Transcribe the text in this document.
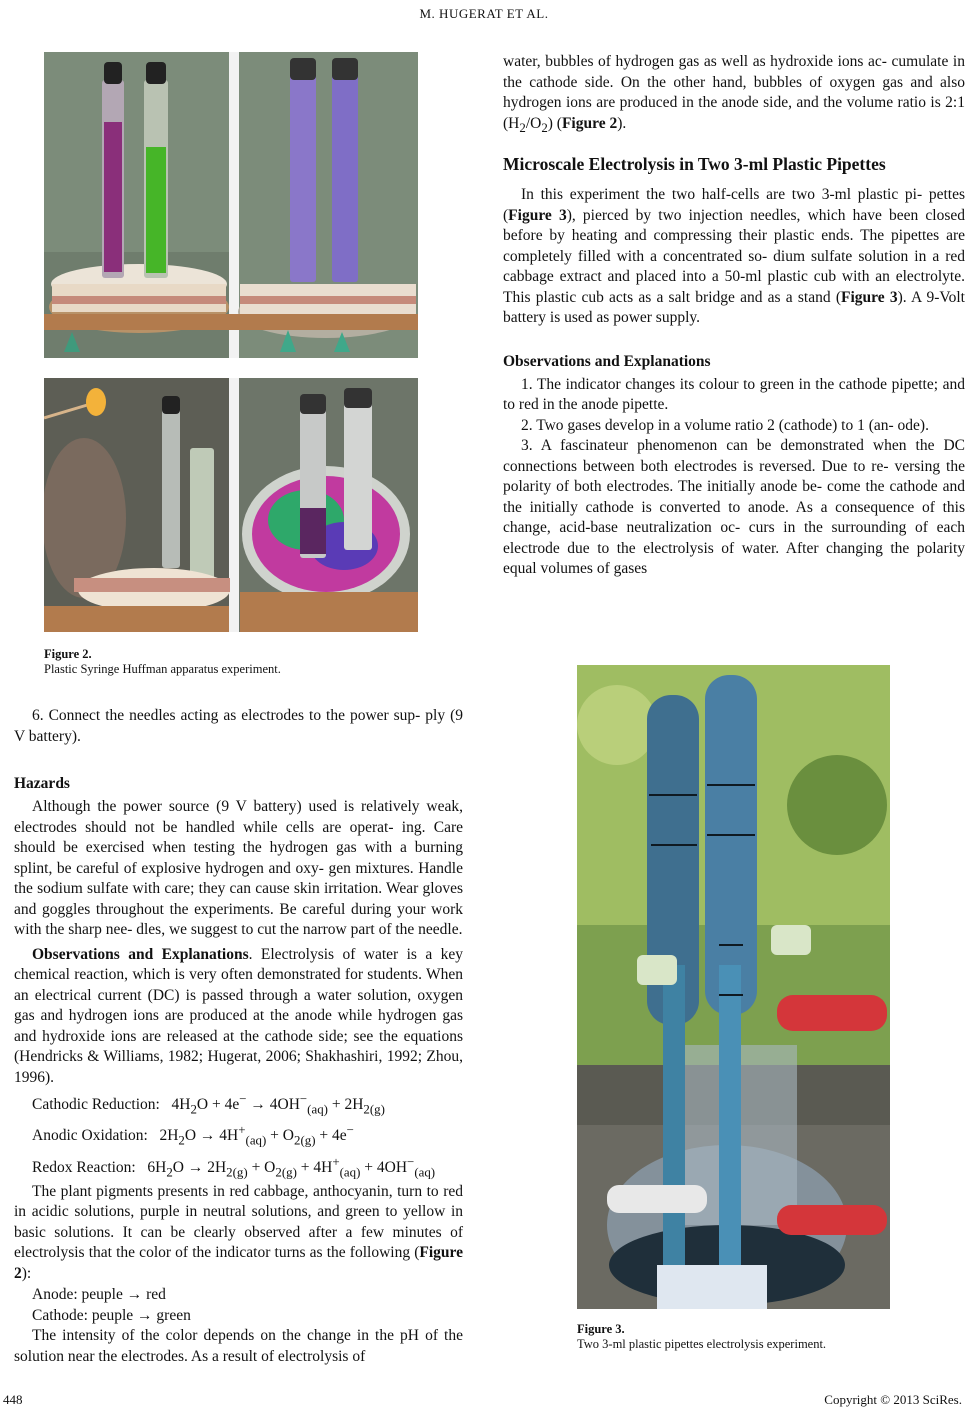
M. HUGERAT ET AL.
Figure 2.
Plastic Syringe Huffman apparatus experiment.

6. Connect the needles acting as electrodes to the power sup- ply (9 V battery).

Hazards

Although the power source (9 V battery) used is relatively weak, electrodes should not be handled while cells are operat- ing. Care should be exercised when testing the hydrogen gas with a burning splint, be careful of explosive hydrogen and oxy- gen mixtures. Handle the sodium sulfate with care; they can cause skin irritation. Wear gloves and goggles throughout the experiments. Be careful during your work with the sharp nee- dles, we suggest to cut the narrow part of the needle.

Observations and Explanations. Electrolysis of water is a key chemical reaction, which is very often demonstrated for students. When an electrical current (DC) is passed through a water solution, oxygen gas and hydrogen ions are produced at the anode while hydrogen gas and hydroxide ions are released at the cathode side; see the equations (Hendricks & Williams, 1982; Hugerat, 2006; Shakhashiri, 1992; Zhou, 1996).

Cathodic Reduction:   $4H_2O + 4e^- \to 4OH^-_{(aq)} + 2H_{2(g)}$
Anodic Oxidation:   $2H_2O \to 4H^+_{(aq)} + O_{2(g)} + 4e^-$
Redox Reaction:   $6H_2O \to 2H_{2(g)} + O_{2(g)} + 4H^+_{(aq)} + 4OH^-_{(aq)}$

The plant pigments presents in red cabbage, anthocyanin, turn to red in acidic solutions, purple in neutral solutions, and green to yellow in basic solutions. It can be clearly observed after a few minutes of electrolysis that the color of the indicator turns as the following (Figure 2):

Anode: peuple → red
Cathode: peuple → green

The intensity of the color depends on the change in the pH of the solution near the electrodes. As a result of electrolysis of

water, bubbles of hydrogen gas as well as hydroxide ions ac- cumulate in the cathode side. On the other hand, bubbles of oxygen gas and also hydrogen ions are produced in the anode side, and the volume ratio is 2:1 $(H_2/O_2)$ (Figure 2).

Microscale Electrolysis in Two 3-ml Plastic Pipettes

In this experiment the two half-cells are two 3-ml plastic pi- pettes (Figure 3), pierced by two injection needles, which have been closed before by heating and compressing their plastic ends. The pipettes are completely filled with a concentrated so- dium sulfate solution in a red cabbage extract and placed into a 50-ml plastic cub with an electrolyte. This plastic cub acts as a salt bridge and as a stand (Figure 3). A 9-Volt battery is used as power supply.

Observations and Explanations

1. The indicator changes its colour to green in the cathode pipette; and to red in the anode pipette.

2. Two gases develop in a volume ratio 2 (cathode) to 1 (an- ode).

3. A fascinateur phenomenon can be demonstrated when the DC connections between both electrodes is reversed. Due to re- versing the polarity of both electrodes. The initially anode be- come the cathode and the initially cathode is converted to anode. As a consequence of this change, acid-base neutralization oc- curs in the surrounding of each electrode due to the electrolysis of water. After changing the polarity equal volumes of gases

Figure 3.
Two 3-ml plastic pipettes electrolysis experiment.
448	Copyright © 2013 SciRes.
